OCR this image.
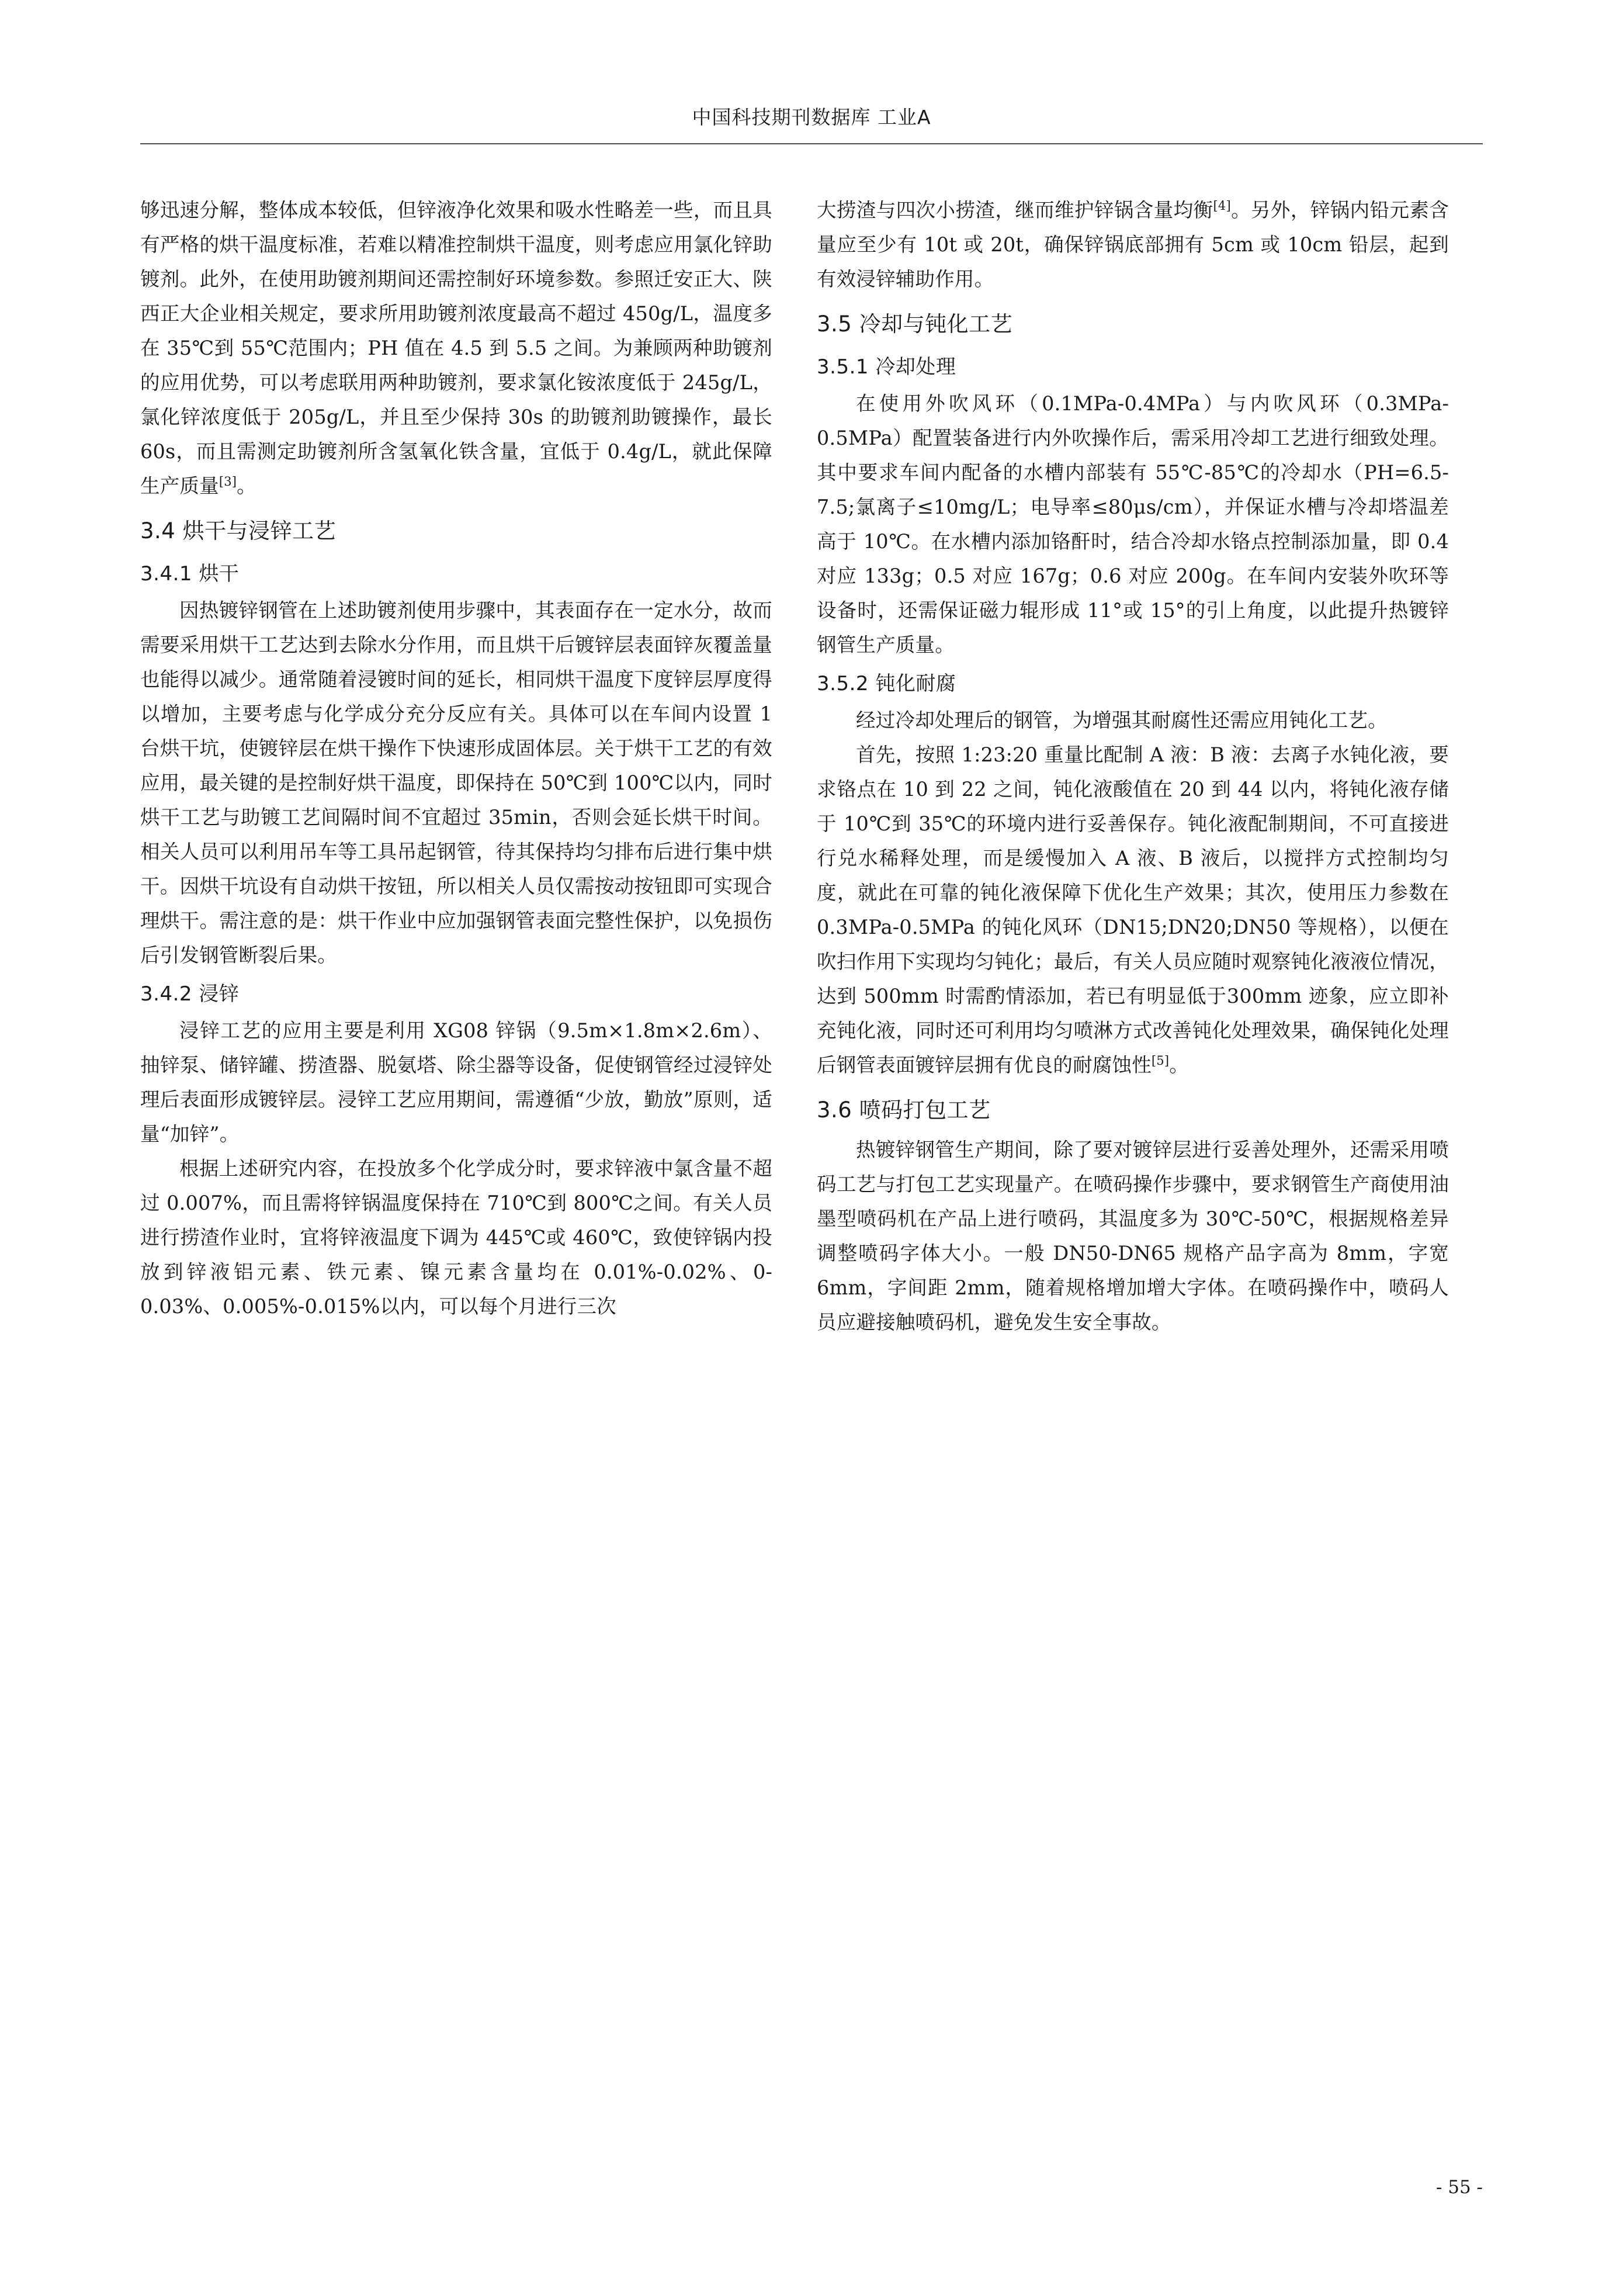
中国科技期刊数据库 工业A

够迅速分解，整体成本较低，但锌液净化效果和吸水性略差一些，而且具有严格的烘干温度标准，若难以精准控制烘干温度，则考虑应用氯化锌助镀剂。此外，在使用助镀剂期间还需控制好环境参数。参照迁安正大、陕西正大企业相关规定，要求所用助镀剂浓度最高不超过 450g/L，温度多在 35℃到 55℃范围内；PH 值在 4.5 到 5.5 之间。为兼顾两种助镀剂的应用优势，可以考虑联用两种助镀剂，要求氯化铵浓度低于 245g/L，氯化锌浓度低于 205g/L，并且至少保持 30s 的助镀剂助镀操作，最长 60s，而且需测定助镀剂所含氢氧化铁含量，宜低于 0.4g/L，就此保障生产质量[3]。

3.4 烘干与浸锌工艺
3.4.1 烘干

因热镀锌钢管在上述助镀剂使用步骤中，其表面存在一定水分，故而需要采用烘干工艺达到去除水分作用，而且烘干后镀锌层表面锌灰覆盖量也能得以减少。通常随着浸镀时间的延长，相同烘干温度下度锌层厚度得以增加，主要考虑与化学成分充分反应有关。具体可以在车间内设置 1 台烘干坑，使镀锌层在烘干操作下快速形成固体层。关于烘干工艺的有效应用，最关键的是控制好烘干温度，即保持在 50℃到 100℃以内，同时烘干工艺与助镀工艺间隔时间不宜超过 35min，否则会延长烘干时间。相关人员可以利用吊车等工具吊起钢管，待其保持均匀排布后进行集中烘干。因烘干坑设有自动烘干按钮，所以相关人员仅需按动按钮即可实现合理烘干。需注意的是：烘干作业中应加强钢管表面完整性保护，以免损伤后引发钢管断裂后果。

3.4.2 浸锌

浸锌工艺的应用主要是利用 XG08 锌锅（9.5m×1.8m×2.6m）、抽锌泵、储锌罐、捞渣器、脱氨塔、除尘器等设备，促使钢管经过浸锌处理后表面形成镀锌层。浸锌工艺应用期间，需遵循“少放，勤放”原则，适量“加锌”。

根据上述研究内容，在投放多个化学成分时，要求锌液中氯含量不超过 0.007%，而且需将锌锅温度保持在 710℃到 800℃之间。有关人员进行捞渣作业时，宜将锌液温度下调为 445℃或 460℃，致使锌锅内投放到锌液铝元素、铁元素、镍元素含量均在 0.01%-0.02%、0-0.03%、0.005%-0.015%以内，可以每个月进行三次

大捞渣与四次小捞渣，继而维护锌锅含量均衡[4]。另外，锌锅内铅元素含量应至少有 10t 或 20t，确保锌锅底部拥有 5cm 或 10cm 铅层，起到有效浸锌辅助作用。

3.5 冷却与钝化工艺
3.5.1 冷却处理

在使用外吹风环（0.1MPa-0.4MPa）与内吹风环（0.3MPa-0.5MPa）配置装备进行内外吹操作后，需采用冷却工艺进行细致处理。其中要求车间内配备的水槽内部装有 55℃-85℃的冷却水（PH=6.5-7.5;氯离子≤10mg/L；电导率≤80μs/cm），并保证水槽与冷却塔温差高于 10℃。在水槽内添加铬酐时，结合冷却水铬点控制添加量，即 0.4 对应 133g；0.5 对应 167g；0.6 对应 200g。在车间内安装外吹环等设备时，还需保证磁力辊形成 11°或 15°的引上角度，以此提升热镀锌钢管生产质量。

3.5.2 钝化耐腐

经过冷却处理后的钢管，为增强其耐腐性还需应用钝化工艺。

首先，按照 1:23:20 重量比配制 A 液：B 液：去离子水钝化液，要求铬点在 10 到 22 之间，钝化液酸值在 20 到 44 以内，将钝化液存储于 10℃到 35℃的环境内进行妥善保存。钝化液配制期间，不可直接进行兑水稀释处理，而是缓慢加入 A 液、B 液后，以搅拌方式控制均匀度，就此在可靠的钝化液保障下优化生产效果；其次，使用压力参数在 0.3MPa-0.5MPa 的钝化风环（DN15;DN20;DN50 等规格），以便在吹扫作用下实现均匀钝化；最后，有关人员应随时观察钝化液液位情况，达到 500mm 时需酌情添加，若已有明显低于300mm 迹象，应立即补充钝化液，同时还可利用均匀喷淋方式改善钝化处理效果，确保钝化处理后钢管表面镀锌层拥有优良的耐腐蚀性[5]。

3.6 喷码打包工艺

热镀锌钢管生产期间，除了要对镀锌层进行妥善处理外，还需采用喷码工艺与打包工艺实现量产。在喷码操作步骤中，要求钢管生产商使用油墨型喷码机在产品上进行喷码，其温度多为 30℃-50℃，根据规格差异调整喷码字体大小。一般 DN50-DN65 规格产品字高为 8mm，字宽 6mm，字间距 2mm，随着规格增加增大字体。在喷码操作中，喷码人员应避接触喷码机，避免发生安全事故。

- 55 -
